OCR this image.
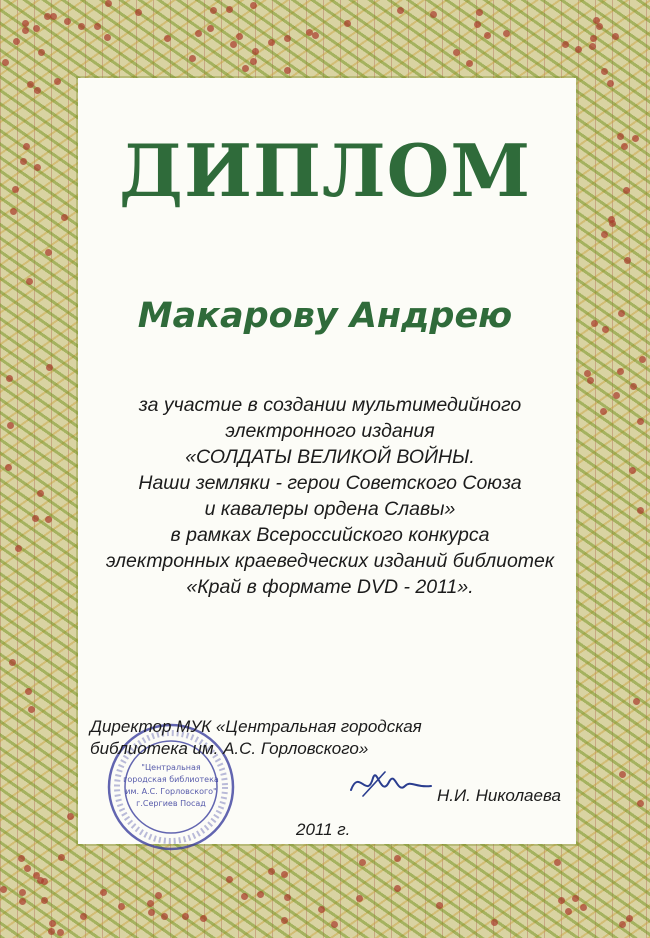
ДИПЛОМ
Макарову Андрею
за участие в создании мультимедийного
электронного издания
«СОЛДАТЫ ВЕЛИКОЙ ВОЙНЫ.
Наши земляки - герои Советского Союза
и кавалеры ордена Славы»
в рамках Всероссийского конкурса
электронных краеведческих изданий библиотек
«Край в формате DVD - 2011».
"Центральная
городская библиотека
им. А.С. Горловского"
г.Сергиев Посад
Директор МУК «Центральная городская
библиотека им. А.С. Горловского»
Н.И. Николаева
2011 г.
